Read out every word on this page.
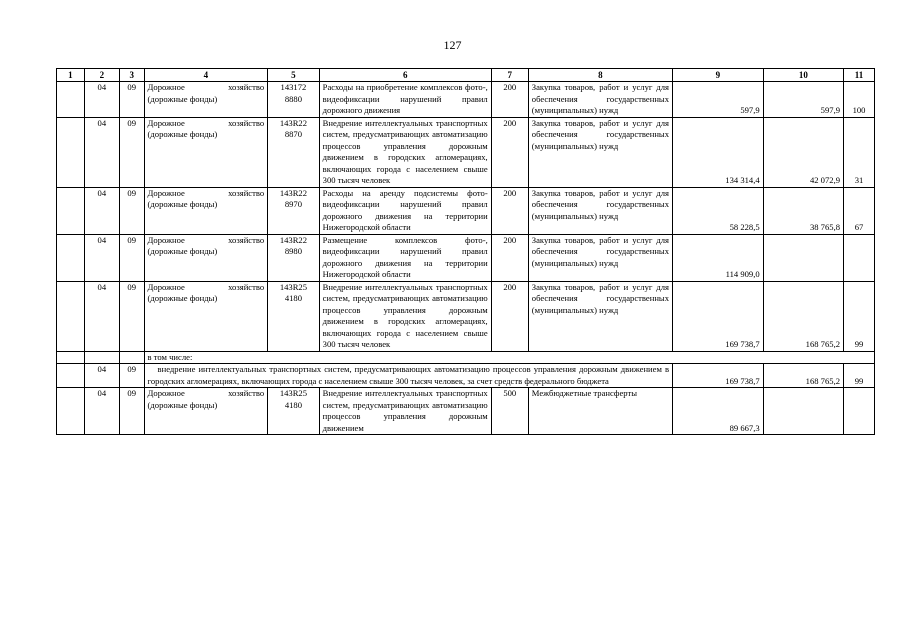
127
1	2	3	4	5	6	7	8	9	10	11
	04	09	Дорожное хозяйство (дорожные фонды)	143172 8880	Расходы на приобретение комплексов фото-, видеофиксации нарушений правил дорожного движения	200	Закупка товаров, работ и услуг для обеспечения государственных (муниципальных) нужд	597,9	597,9	100
	04	09	Дорожное хозяйство (дорожные фонды)	143R22 8870	Внедрение интеллектуальных транспортных систем, предусматривающих автоматизацию процессов управления дорожным движением в городских агломерациях, включающих города с населением свыше 300 тысяч человек	200	Закупка товаров, работ и услуг для обеспечения государственных (муниципальных) нужд	134 314,4	42 072,9	31
	04	09	Дорожное хозяйство (дорожные фонды)	143R22 8970	Расходы на аренду подсистемы фото-видеофиксации нарушений правил дорожного движения на территории Нижегородской области	200	Закупка товаров, работ и услуг для обеспечения государственных (муниципальных) нужд	58 228,5	38 765,8	67
	04	09	Дорожное хозяйство (дорожные фонды)	143R22 8980	Размещение комплексов фото-, видеофиксации нарушений правил дорожного движения на территории Нижегородской области	200	Закупка товаров, работ и услуг для обеспечения государственных (муниципальных) нужд	114 909,0		
	04	09	Дорожное хозяйство (дорожные фонды)	143R25 4180	Внедрение интеллектуальных транспортных систем, предусматривающих автоматизацию процессов управления дорожным движением в городских агломерациях, включающих города с населением свыше 300 тысяч человек	200	Закупка товаров, работ и услуг для обеспечения государственных (муниципальных) нужд	169 738,7	168 765,2	99
			в том числе:							
	04	09	внедрение интеллектуальных транспортных систем, предусматривающих автоматизацию процессов управления дорожным движением в городских агломерациях, включающих города с населением свыше 300 тысяч человек, за счет средств федерального бюджета					169 738,7	168 765,2	99
	04	09	Дорожное хозяйство (дорожные фонды)	143R25 4180	Внедрение интеллектуальных транспортных систем, предусматривающих автоматизацию процессов управления дорожным движением	500	Межбюджетные трансферты	89 667,3		
